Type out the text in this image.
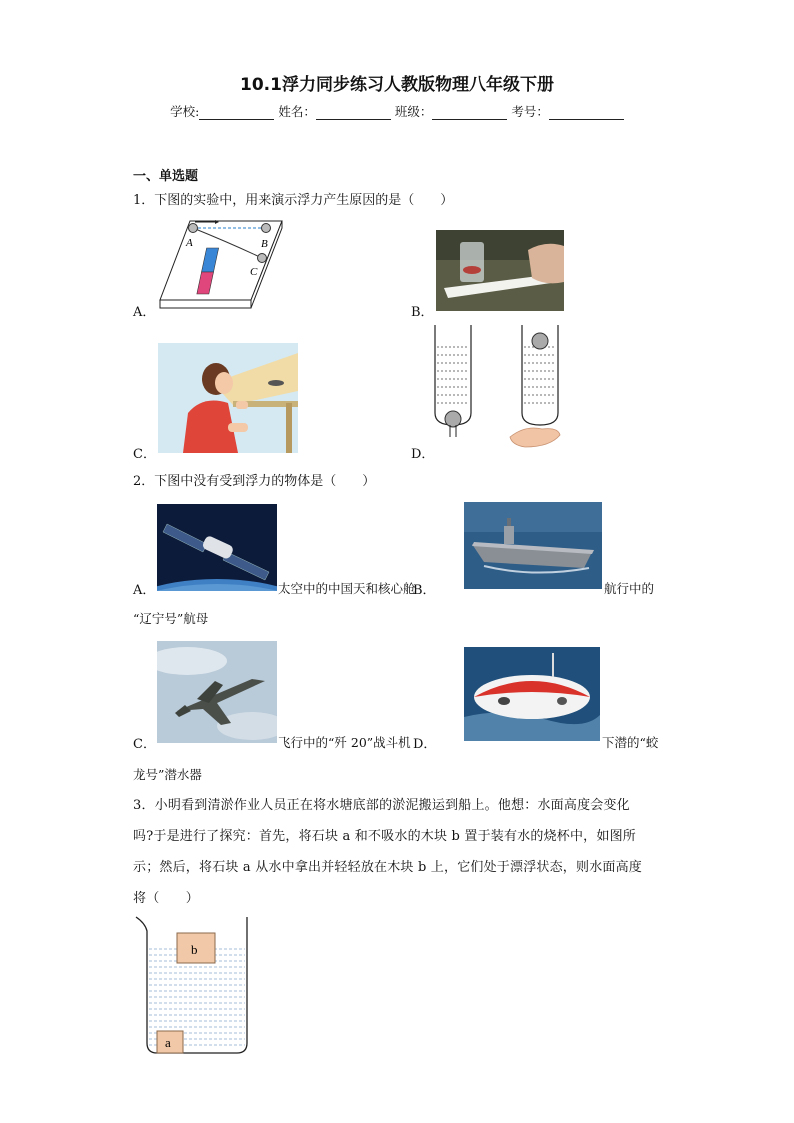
10.1浮力同步练习人教版物理八年级下册
学校:	姓名：	班级：	考号：
一、单选题
1．下图的实验中，用来演示浮力产生原因的是（　　）
A	B
C
A．	B．
C．	D．
2．下图中没有受到浮力的物体是（　　）
A．	太空中的中国天和核心舱
B．	航行中的
“辽宁号”航母
C．	飞行中的“歼 20”战斗机 D．	下潜的“蛟
龙号”潜水器
3．小明看到清淤作业人员正在将水塘底部的淤泥搬运到船上。他想：水面高度会变化
吗?于是进行了探究：首先，将石块 a 和不吸水的木块 b 置于装有水的烧杯中，如图所
示；然后，将石块 a 从水中拿出并轻轻放在木块 b 上，它们处于漂浮状态，则水面高度
将（　　）
b
a
